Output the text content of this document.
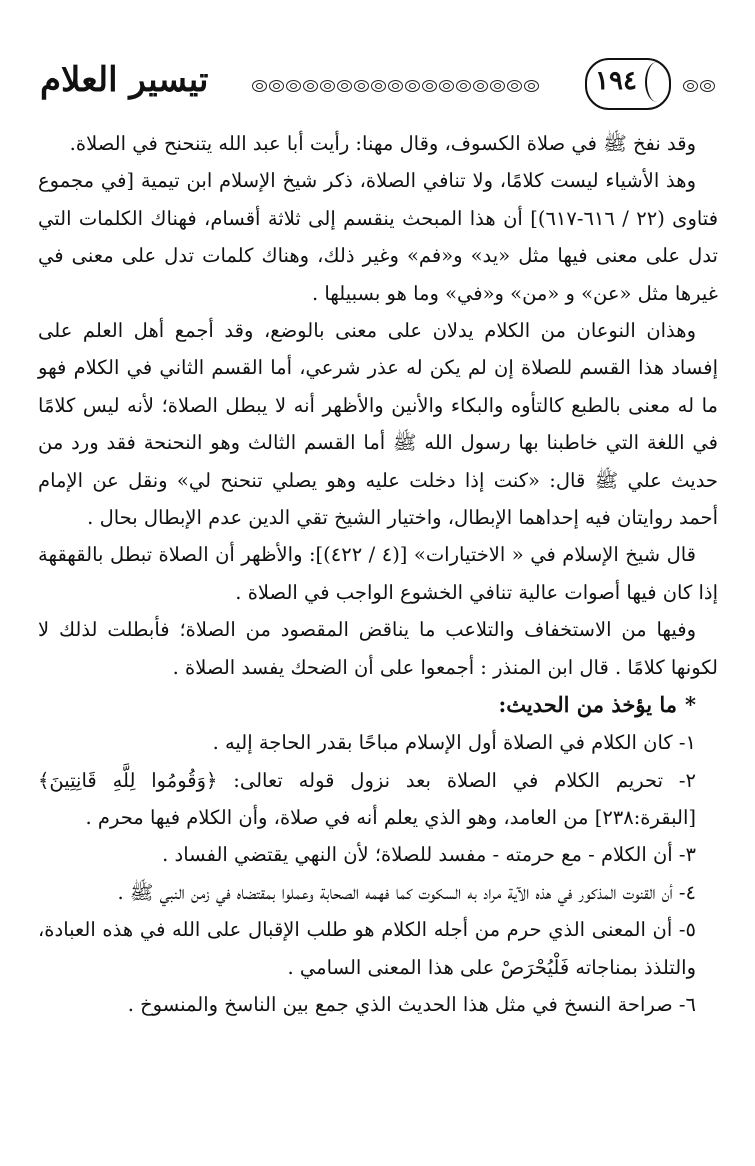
تيسير العلام	١٩٤

وقد نفخ ﷺ في صلاة الكسوف، وقال مهنا: رأيت أبا عبد الله يتنحنح في الصلاة.

وهذ الأشياء ليست كلامًا، ولا تنافي الصلاة، ذكر شيخ الإسلام ابن تيمية [في مجموع فتاوى (٢٢ / ٦١٦-٦١٧)] أن هذا المبحث ينقسم إلى ثلاثة أقسام، فهناك الكلمات التي تدل على معنى فيها مثل «يد» و«فم» وغير ذلك، وهناك كلمات تدل على معنى في غيرها مثل «عن» و «من» و«في» وما هو بسبيلها .

وهذان النوعان من الكلام يدلان على معنى بالوضع، وقد أجمع أهل العلم على إفساد هذا القسم للصلاة إن لم يكن له عذر شرعي، أما القسم الثاني في الكلام فهو ما له معنى بالطبع كالتأوه والبكاء والأنين والأظهر أنه لا يبطل الصلاة؛ لأنه ليس كلامًا في اللغة التي خاطبنا بها رسول الله ﷺ أما القسم الثالث وهو النحنحة فقد ورد من حديث علي ﷺ قال: «كنت إذا دخلت عليه وهو يصلي تنحنح لي» ونقل عن الإمام أحمد روايتان فيه إحداهما الإبطال، واختيار الشيخ تقي الدين عدم الإبطال بحال .

قال شيخ الإسلام في « الاختيارات» [(٤ / ٤٢٢)]: والأظهر أن الصلاة تبطل بالقهقهة إذا كان فيها أصوات عالية تنافي الخشوع الواجب في الصلاة .

وفيها من الاستخفاف والتلاعب ما يناقض المقصود من الصلاة؛ فأبطلت لذلك لا لكونها كلامًا . قال ابن المنذر : أجمعوا على أن الضحك يفسد الصلاة .

*ما يؤخذ من الحديث:

١- كان الكلام في الصلاة أول الإسلام مباحًا بقدر الحاجة إليه .

٢- تحريم الكلام في الصلاة بعد نزول قوله تعالى: ﴿وَقُومُوا لِلَّهِ قَانِتِينَ﴾ [البقرة:٢٣٨] من العامد، وهو الذي يعلم أنه في صلاة، وأن الكلام فيها محرم .

٣- أن الكلام - مع حرمته - مفسد للصلاة؛ لأن النهي يقتضي الفساد .

٤- أن القنوت المذكور في هذه الآية مراد به السكوت كما فهمه الصحابة وعملوا بمقتضاه في زمن النبي ﷺ .

٥- أن المعنى الذي حرم من أجله الكلام هو طلب الإقبال على الله في هذه العبادة، والتلذذ بمناجاته فَلْيُحْرَصْ على هذا المعنى السامي .

٦- صراحة النسخ في مثل هذا الحديث الذي جمع بين الناسخ والمنسوخ .
